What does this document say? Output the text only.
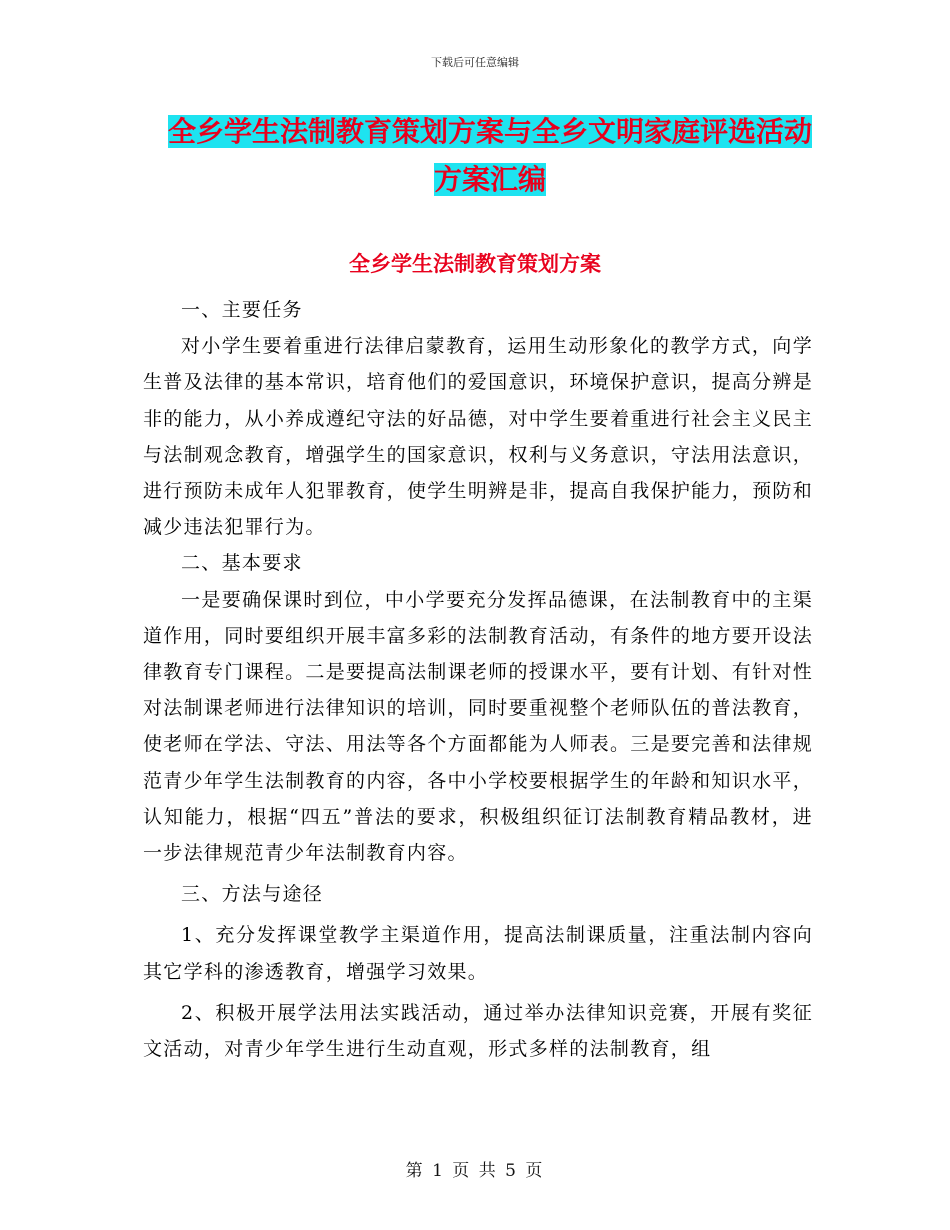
下载后可任意编辑
全乡学生法制教育策划方案与全乡文明家庭评选活动
方案汇编
全乡学生法制教育策划方案

一、主要任务

对小学生要着重进行法律启蒙教育，运用生动形象化的教学方式，向学生普及法律的基本常识，培育他们的爱国意识，环境保护意识，提高分辨是非的能力，从小养成遵纪守法的好品德，对中学生要着重进行社会主义民主与法制观念教育，增强学生的国家意识，权利与义务意识，守法用法意识，进行预防未成年人犯罪教育，使学生明辨是非，提高自我保护能力，预防和减少违法犯罪行为。

二、基本要求

一是要确保课时到位，中小学要充分发挥品德课，在法制教育中的主渠道作用，同时要组织开展丰富多彩的法制教育活动，有条件的地方要开设法律教育专门课程。二是要提高法制课老师的授课水平，要有计划、有针对性对法制课老师进行法律知识的培训，同时要重视整个老师队伍的普法教育，使老师在学法、守法、用法等各个方面都能为人师表。三是要完善和法律规范青少年学生法制教育的内容，各中小学校要根据学生的年龄和知识水平，认知能力，根据“四五”普法的要求，积极组织征订法制教育精品教材，进一步法律规范青少年法制教育内容。

三、方法与途径

1、充分发挥课堂教学主渠道作用，提高法制课质量，注重法制内容向其它学科的渗透教育，增强学习效果。

2、积极开展学法用法实践活动，通过举办法律知识竞赛，开展有奖征文活动，对青少年学生进行生动直观，形式多样的法制教育，组

第 1 页 共 5 页
